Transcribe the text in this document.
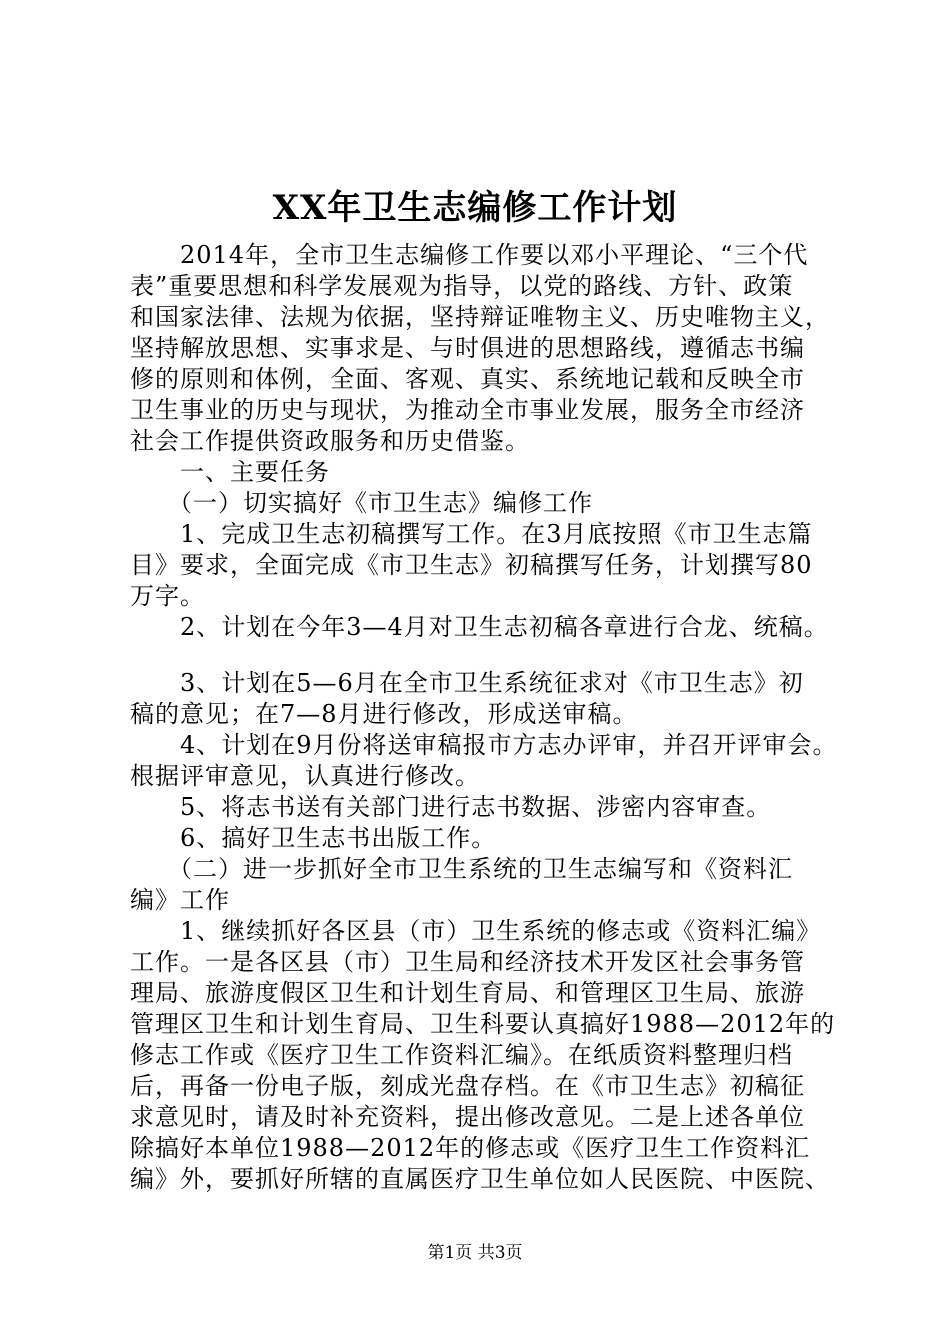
XX年卫生志编修工作计划
　　2014年，全市卫生志编修工作要以邓小平理论、“三个代
表”重要思想和科学发展观为指导，以党的路线、方针、政策
和国家法律、法规为依据，坚持辩证唯物主义、历史唯物主义，
坚持解放思想、实事求是、与时俱进的思想路线，遵循志书编
修的原则和体例，全面、客观、真实、系统地记载和反映全市
卫生事业的历史与现状，为推动全市事业发展，服务全市经济
社会工作提供资政服务和历史借鉴。
　　一、主要任务
　　（一）切实搞好《市卫生志》编修工作
　　1、完成卫生志初稿撰写工作。在3月底按照《市卫生志篇
目》要求，全面完成《市卫生志》初稿撰写任务，计划撰写80
万字。
　　2、计划在今年3—4月对卫生志初稿各章进行合龙、统稿。
　　3、计划在5—6月在全市卫生系统征求对《市卫生志》初
稿的意见；在7—8月进行修改，形成送审稿。
　　4、计划在9月份将送审稿报市方志办评审，并召开评审会。
根据评审意见，认真进行修改。
　　5、将志书送有关部门进行志书数据、涉密内容审查。
　　6、搞好卫生志书出版工作。
　　（二）进一步抓好全市卫生系统的卫生志编写和《资料汇
编》工作
　　1、继续抓好各区县（市）卫生系统的修志或《资料汇编》
工作。一是各区县（市）卫生局和经济技术开发区社会事务管
理局、旅游度假区卫生和计划生育局、和管理区卫生局、旅游
管理区卫生和计划生育局、卫生科要认真搞好1988—2012年的
修志工作或《医疗卫生工作资料汇编》。在纸质资料整理归档
后，再备一份电子版，刻成光盘存档。在《市卫生志》初稿征
求意见时，请及时补充资料，提出修改意见。二是上述各单位
除搞好本单位1988—2012年的修志或《医疗卫生工作资料汇
编》外，要抓好所辖的直属医疗卫生单位如人民医院、中医院、
第1页 共3页
